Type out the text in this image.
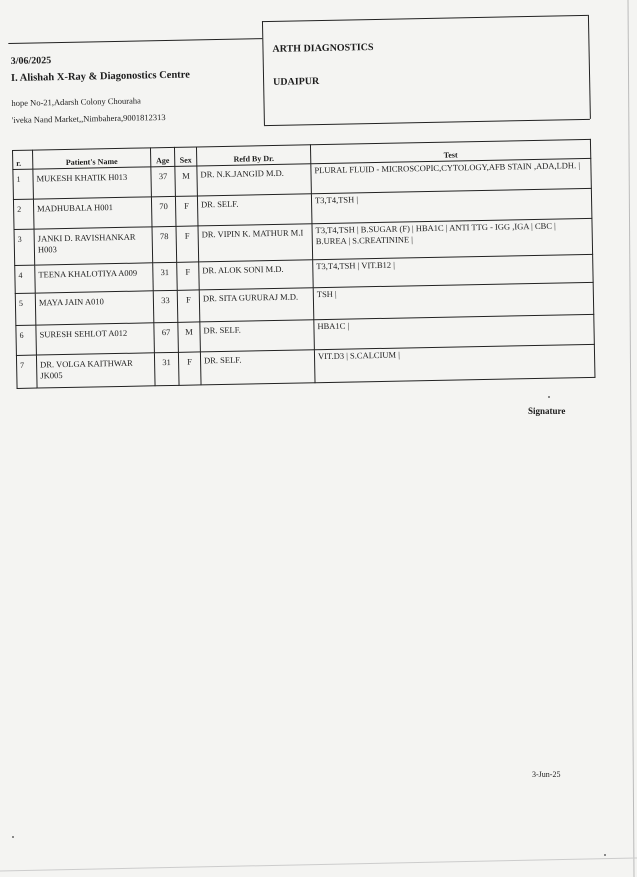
3/06/2025
I. Alishah X-Ray & Diagonostics Centre
hope No-21,Adarsh Colony Chouraha
'iveka Nand Market,,Nimbahera,9001812313
ARTH DIAGNOSTICS
UDAIPUR
r.	Patient's Name	Age	Sex	Refd By Dr.	Test
1	MUKESH KHATIK H013	37	M	DR. N.K.JANGID M.D.	PLURAL FLUID - MICROSCOPIC,CYTOLOGY,AFB STAIN ,ADA,LDH. |
2	MADHUBALA H001	70	F	DR. SELF.	T3,T4,TSH |
3	JANKI D. RAVISHANKAR H003	78	F	DR. VIPIN K. MATHUR M.I	T3,T4,TSH | B.SUGAR (F) | HBA1C | ANTI TTG - IGG ,IGA | CBC | B.UREA | S.CREATININE |
4	TEENA KHALOTIYA A009	31	F	DR. ALOK SONI M.D.	T3,T4,TSH | VIT.B12 |
5	MAYA JAIN A010	33	F	DR. SITA GURURAJ M.D.	TSH |
6	SURESH SEHLOT A012	67	M	DR. SELF.	HBA1C |
7	DR. VOLGA KAITHWAR JK005	31	F	DR. SELF.	VIT.D3 | S.CALCIUM |
Signature
3-Jun-25
